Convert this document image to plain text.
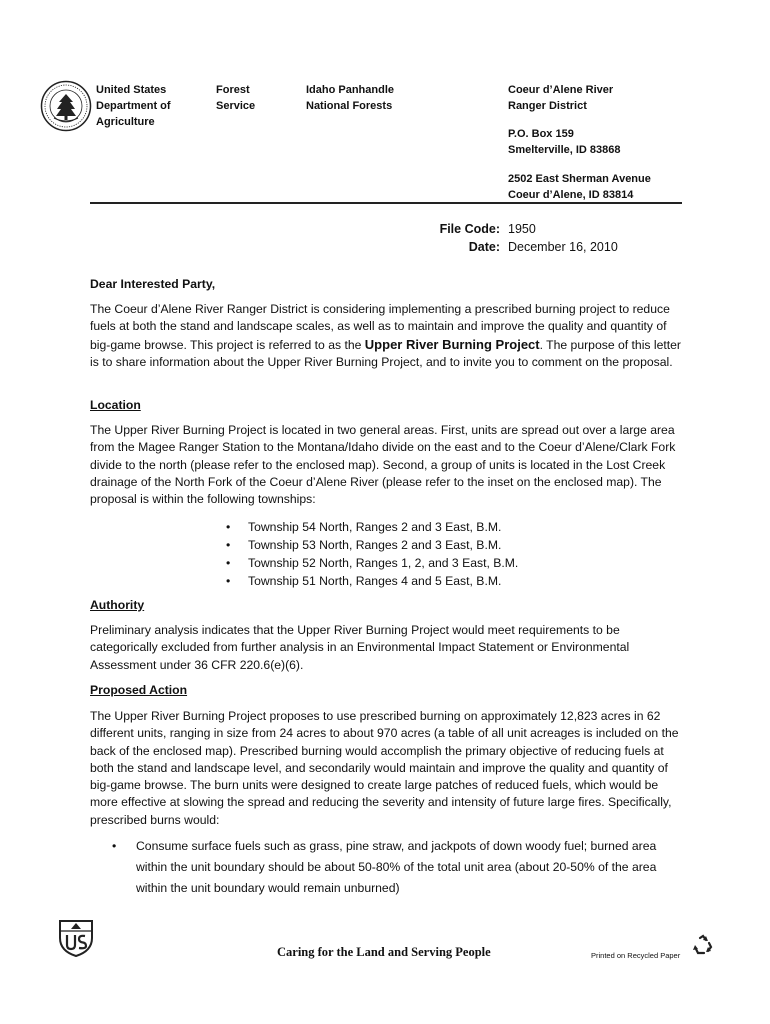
United States
Department of
Agriculture
Forest
Service
Idaho Panhandle
National Forests
Coeur d’Alene River
Ranger District
P.O. Box 159
Smelterville, ID 83868
2502 East Sherman Avenue
Coeur d’Alene, ID 83814
File Code: 1950
Date: December 16, 2010
Dear Interested Party,
The Coeur d’Alene River Ranger District is considering implementing a prescribed burning project to reduce fuels at both the stand and landscape scales, as well as to maintain and improve the quality and quantity of big-game browse. This project is referred to as the Upper River Burning Project. The purpose of this letter is to share information about the Upper River Burning Project, and to invite you to comment on the proposal.
Location
The Upper River Burning Project is located in two general areas. First, units are spread out over a large area from the Magee Ranger Station to the Montana/Idaho divide on the east and to the Coeur d’Alene/Clark Fork divide to the north (please refer to the enclosed map). Second, a group of units is located in the Lost Creek drainage of the North Fork of the Coeur d’Alene River (please refer to the inset on the enclosed map). The proposal is within the following townships:
• Township 54 North, Ranges 2 and 3 East, B.M.
• Township 53 North, Ranges 2 and 3 East, B.M.
• Township 52 North, Ranges 1, 2, and 3 East, B.M.
• Township 51 North, Ranges 4 and 5 East, B.M.
Authority
Preliminary analysis indicates that the Upper River Burning Project would meet requirements to be categorically excluded from further analysis in an Environmental Impact Statement or Environmental Assessment under 36 CFR 220.6(e)(6).
Proposed Action
The Upper River Burning Project proposes to use prescribed burning on approximately 12,823 acres in 62 different units, ranging in size from 24 acres to about 970 acres (a table of all unit acreages is included on the back of the enclosed map). Prescribed burning would accomplish the primary objective of reducing fuels at both the stand and landscape level, and secondarily would maintain and improve the quality and quantity of big-game browse. The burn units were designed to create large patches of reduced fuels, which would be more effective at slowing the spread and reducing the severity and intensity of future large fires. Specifically, prescribed burns would:
• Consume surface fuels such as grass, pine straw, and jackpots of down woody fuel; burned area within the unit boundary should be about 50-80% of the total unit area (about 20-50% of the area within the unit boundary would remain unburned)
Caring for the Land and Serving People	Printed on Recycled Paper
